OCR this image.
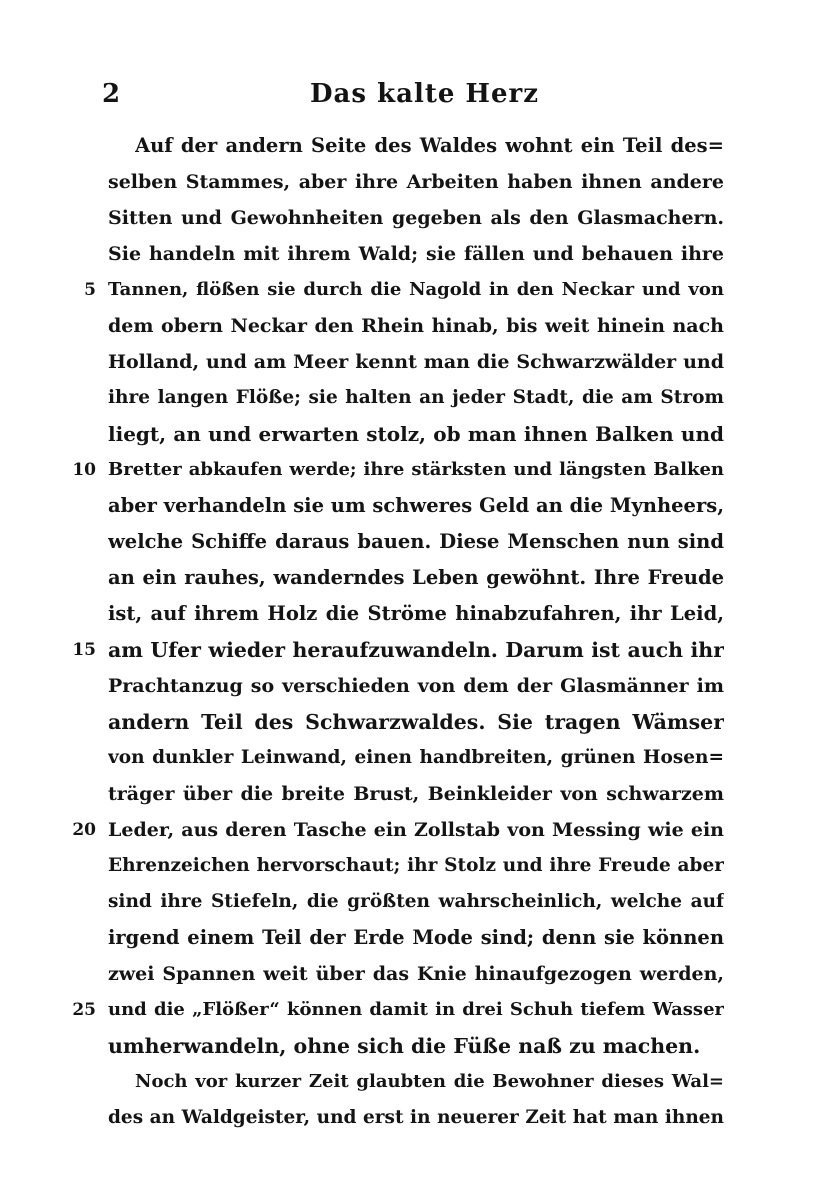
2	Das kalte Herz
Auf der andern Seite des Waldes wohnt ein Teil des=
selben Stammes, aber ihre Arbeiten haben ihnen andere
Sitten und Gewohnheiten gegeben als den Glasmachern.
Sie handeln mit ihrem Wald; sie fällen und behauen ihre
5 Tannen, flößen sie durch die Nagold in den Neckar und von
dem obern Neckar den Rhein hinab, bis weit hinein nach
Holland, und am Meer kennt man die Schwarzwälder und
ihre langen Flöße; sie halten an jeder Stadt, die am Strom
liegt, an und erwarten stolz, ob man ihnen Balken und
10 Bretter abkaufen werde; ihre stärksten und längsten Balken
aber verhandeln sie um schweres Geld an die Mynheers,
welche Schiffe daraus bauen. Diese Menschen nun sind
an ein rauhes, wanderndes Leben gewöhnt. Ihre Freude
ist, auf ihrem Holz die Ströme hinabzufahren, ihr Leid,
15 am Ufer wieder heraufzuwandeln. Darum ist auch ihr
Prachtanzug so verschieden von dem der Glasmänner im
andern Teil des Schwarzwaldes. Sie tragen Wämser
von dunkler Leinwand, einen handbreiten, grünen Hosen=
träger über die breite Brust, Beinkleider von schwarzem
20 Leder, aus deren Tasche ein Zollstab von Messing wie ein
Ehrenzeichen hervorschaut; ihr Stolz und ihre Freude aber
sind ihre Stiefeln, die größten wahrscheinlich, welche auf
irgend einem Teil der Erde Mode sind; denn sie können
zwei Spannen weit über das Knie hinaufgezogen werden,
25 und die „Flößer“ können damit in drei Schuh tiefem Wasser
umherwandeln, ohne sich die Füße naß zu machen.
Noch vor kurzer Zeit glaubten die Bewohner dieses Wal=
des an Waldgeister, und erst in neuerer Zeit hat man ihnen
